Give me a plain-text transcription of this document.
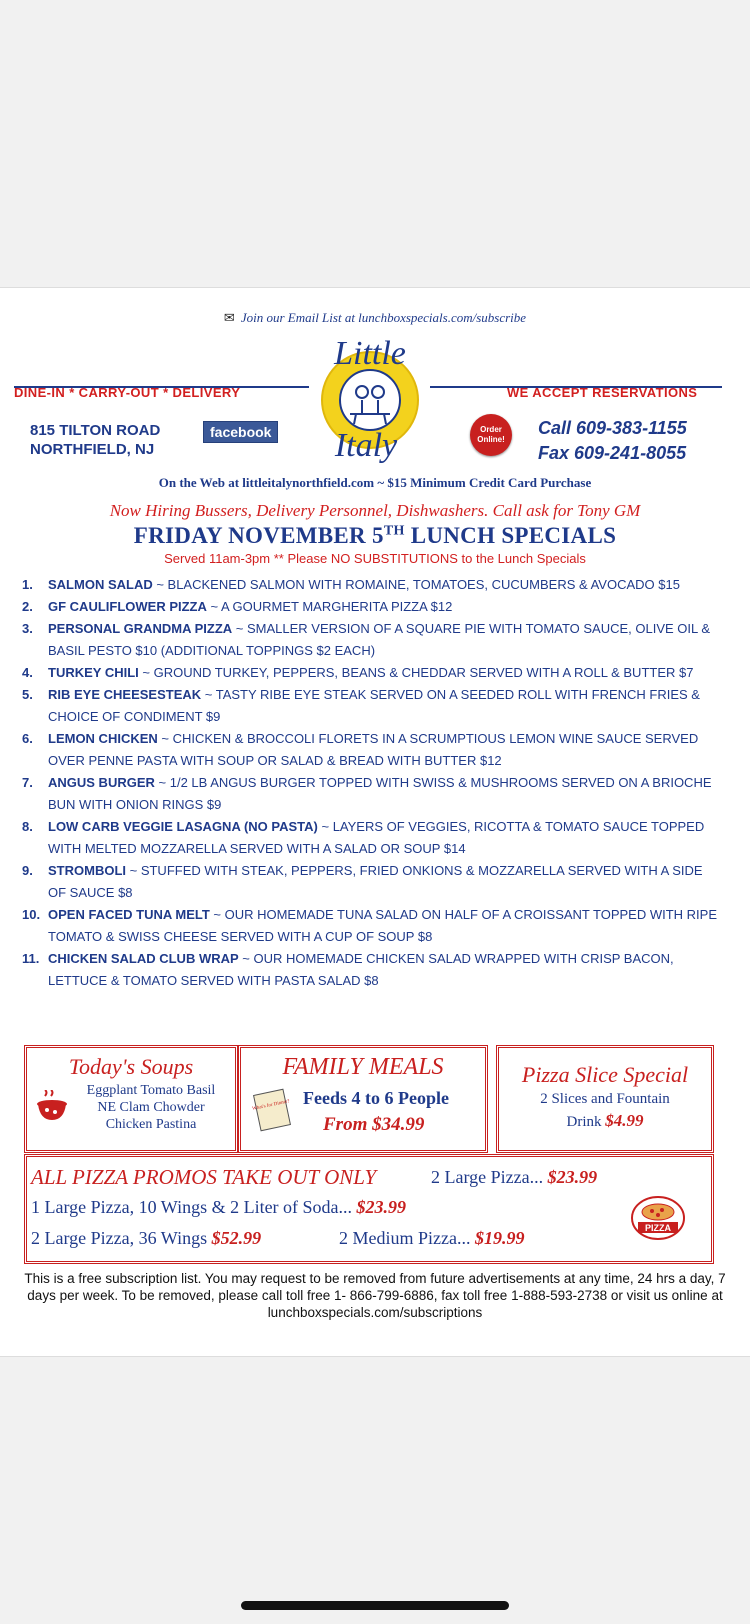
✉ Join our Email List at lunchboxspecials.com/subscribe
Little
Italy
DINE-IN * CARRY-OUT * DELIVERY	WE ACCEPT RESERVATIONS
815 TILTON ROAD
NORTHFIELD, NJ
facebook	Order Online!
Call 609-383-1155
Fax 609-241-8055
On the Web at littleitalynorthfield.com ~ $15 Minimum Credit Card Purchase
Now Hiring Bussers, Delivery Personnel, Dishwashers. Call ask for Tony GM
FRIDAY NOVEMBER 5TH LUNCH SPECIALS
Served 11am-3pm ** Please NO SUBSTITUTIONS to the Lunch Specials
1. SALMON SALAD ~ BLACKENED SALMON WITH ROMAINE, TOMATOES, CUCUMBERS & AVOCADO $15
2. GF CAULIFLOWER PIZZA ~ A GOURMET MARGHERITA PIZZA $12
3. PERSONAL GRANDMA PIZZA ~ SMALLER VERSION OF A SQUARE PIE WITH TOMATO SAUCE, OLIVE OIL & BASIL PESTO $10 (ADDITIONAL TOPPINGS $2 EACH)
4. TURKEY CHILI ~ GROUND TURKEY, PEPPERS, BEANS & CHEDDAR SERVED WITH A ROLL & BUTTER $7
5. RIB EYE CHEESESTEAK ~ TASTY RIBE EYE STEAK SERVED ON A SEEDED ROLL WITH FRENCH FRIES & CHOICE OF CONDIMENT $9
6. LEMON CHICKEN ~ CHICKEN & BROCCOLI FLORETS IN A SCRUMPTIOUS LEMON WINE SAUCE SERVED OVER PENNE PASTA WITH SOUP OR SALAD & BREAD WITH BUTTER $12
7. ANGUS BURGER ~ 1/2 LB ANGUS BURGER TOPPED WITH SWISS & MUSHROOMS SERVED ON A BRIOCHE BUN WITH ONION RINGS $9
8. LOW CARB VEGGIE LASAGNA (NO PASTA) ~ LAYERS OF VEGGIES, RICOTTA & TOMATO SAUCE TOPPED WITH MELTED MOZZARELLA SERVED WITH A SALAD OR SOUP $14
9. STROMBOLI ~ STUFFED WITH STEAK, PEPPERS, FRIED ONKIONS & MOZZARELLA SERVED WITH A SIDE OF SAUCE $8
10. OPEN FACED TUNA MELT ~ OUR HOMEMADE TUNA SALAD ON HALF OF A CROISSANT TOPPED WITH RIPE TOMATO & SWISS CHEESE SERVED WITH A CUP OF SOUP $8
11. CHICKEN SALAD CLUB WRAP ~ OUR HOMEMADE CHICKEN SALAD WRAPPED WITH CRISP BACON, LETTUCE & TOMATO SERVED WITH PASTA SALAD $8
Today's Soups
Eggplant Tomato Basil
NE Clam Chowder
Chicken Pastina
FAMILY MEALS
What's for Dinner? Feeds 4 to 6 People
From $34.99
Pizza Slice Special
2 Slices and Fountain
Drink $4.99
ALL PIZZA PROMOS TAKE OUT ONLY	2 Large Pizza... $23.99
1 Large Pizza, 10 Wings & 2 Liter of Soda... $23.99
2 Large Pizza, 36 Wings $52.99	2 Medium Pizza... $19.99	PIZZA
This is a free subscription list. You may request to be removed from future advertisements at any time, 24 hrs a day, 7 days per week. To be removed, please call toll free 1- 866-799-6886, fax toll free 1-888-593-2738 or visit us online at lunchboxspecials.com/subscriptions
